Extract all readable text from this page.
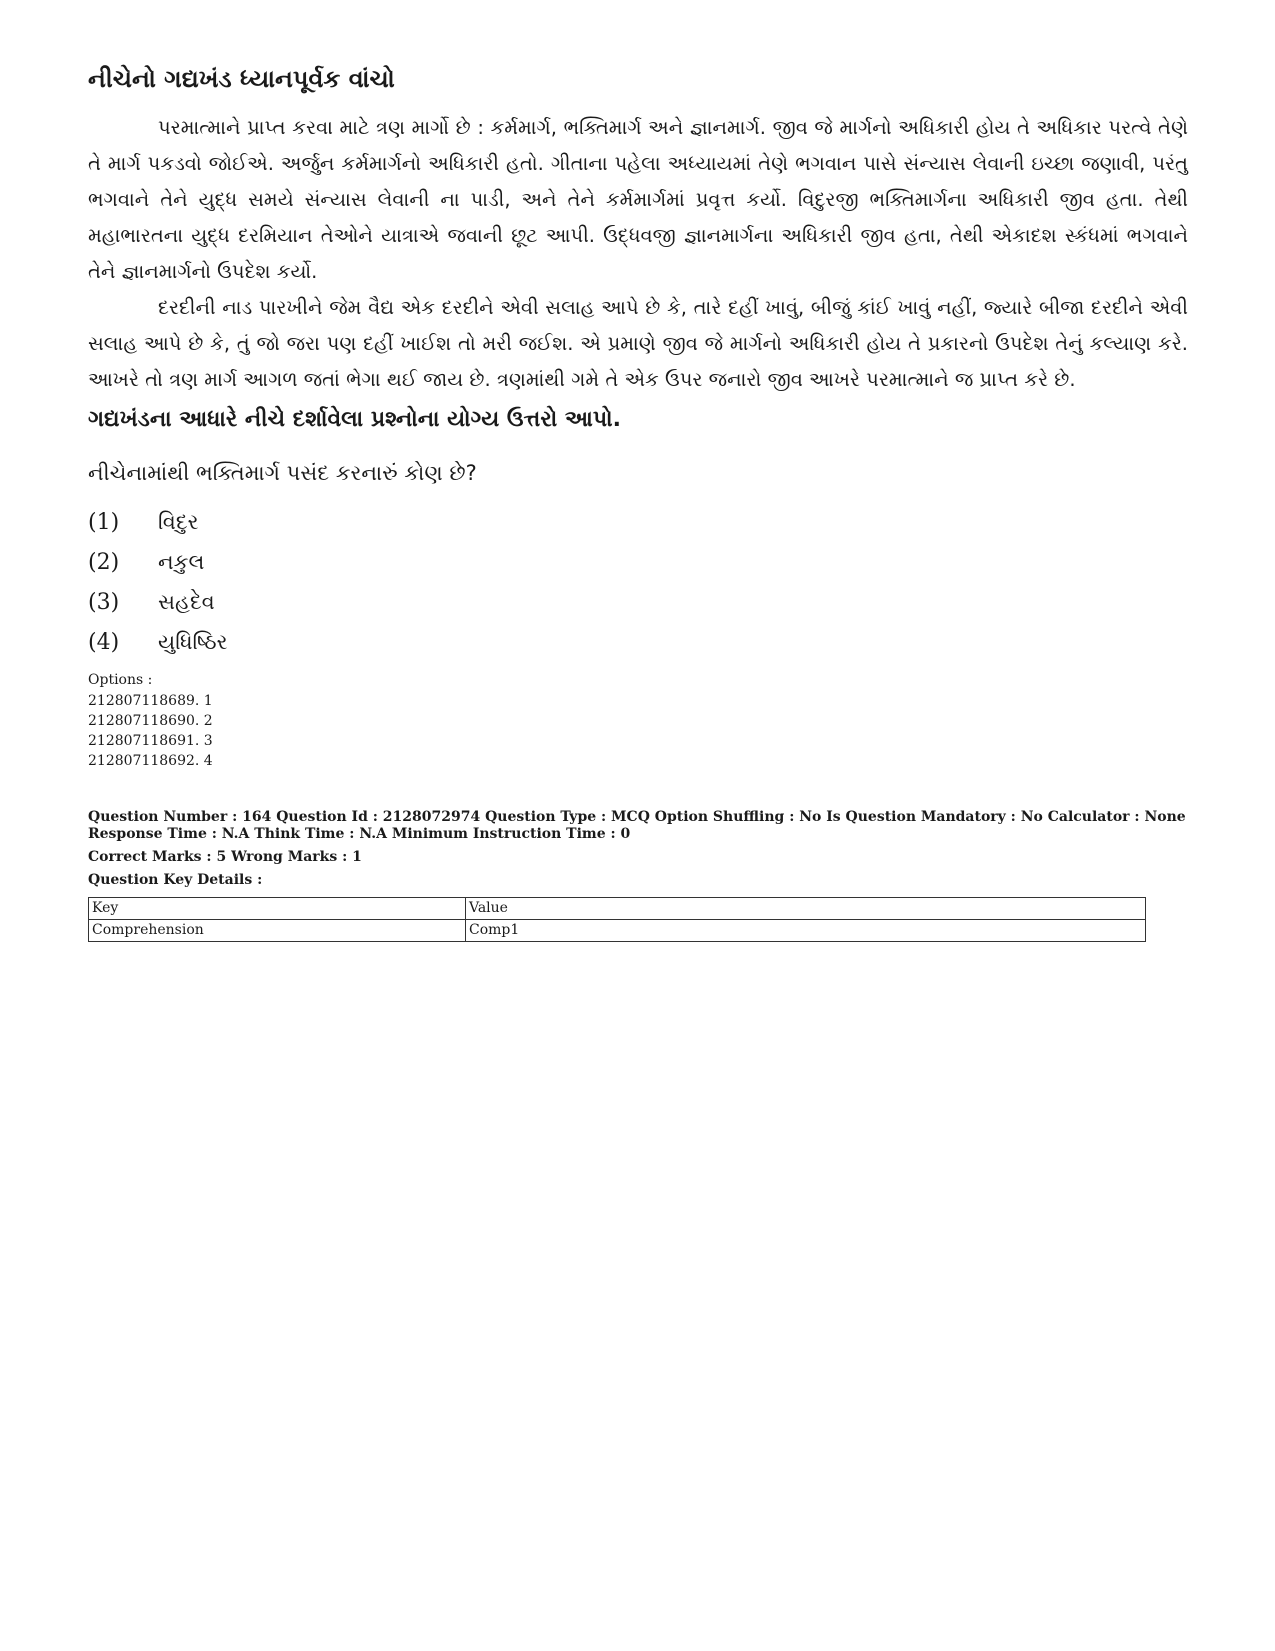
નીચેનો ગદ્યખંડ ધ્યાનપૂર્વક વાંચો

પરમાત્માને પ્રાપ્ત કરવા માટે ત્રણ માર્ગો છે : કર્મમાર્ગ, ભક્તિમાર્ગ અને જ્ઞાનમાર્ગ. જીવ જે માર્ગનો અધિકારી હોય તે અધિકાર પરત્વે તેણે તે માર્ગ પકડવો જોઈએ. અર્જુન કર્મમાર્ગનો અધિકારી હતો. ગીતાના પહેલા અધ્યાયમાં તેણે ભગવાન પાસે સંન્યાસ લેવાની ઇચ્છા જણાવી, પરંતુ ભગવાને તેને યુદ્ધ સમયે સંન્યાસ લેવાની ના પાડી, અને તેને કર્મમાર્ગમાં પ્રવૃત્ત કર્યો. વિદુરજી ભક્તિમાર્ગના અધિકારી જીવ હતા. તેથી મહાભારતના યુદ્ધ દરમિયાન તેઓને યાત્રાએ જવાની છૂટ આપી. ઉદ્ધવજી જ્ઞાનમાર્ગના અધિકારી જીવ હતા, તેથી એકાદશ સ્કંધમાં ભગવાને તેને જ્ઞાનમાર્ગનો ઉપદેશ કર્યો.

દરદીની નાડ પારખીને જેમ વૈદ્ય એક દરદીને એવી સલાહ આપે છે કે, તારે દહીં ખાવું, બીજું કાંઈ ખાવું નહીં, જ્યારે બીજા દરદીને એવી સલાહ આપે છે કે, તું જો જરા પણ દહીં ખાઈશ તો મરી જઈશ. એ પ્રમાણે જીવ જે માર્ગનો અધિકારી હોય તે પ્રકારનો ઉપદેશ તેનું કલ્યાણ કરે. આખરે તો ત્રણ માર્ગ આગળ જતાં ભેગા થઈ જાય છે. ત્રણમાંથી ગમે તે એક ઉપર જનારો જીવ આખરે પરમાત્માને જ પ્રાપ્ત કરે છે.

ગદ્યખંડના આધારે નીચે દર્શાવેલા પ્રશ્નોના યોગ્ય ઉત્તરો આપો.

નીચેનામાંથી ભક્તિમાર્ગ પસંદ કરનારું કોણ છે?

(1)	વિદુર
(2)	નકુલ
(3)	સહદેવ
(4)	યુધિષ્ઠિર
Options :
212807118689. 1
212807118690. 2
212807118691. 3
212807118692. 4

Question Number : 164 Question Id : 2128072974 Question Type : MCQ Option Shuffling : No Is Question Mandatory : No Calculator : None

Response Time : N.A Think Time : N.A Minimum Instruction Time : 0

Correct Marks : 5 Wrong Marks : 1

Question Key Details :

Key	Value
Comprehension	Comp1
